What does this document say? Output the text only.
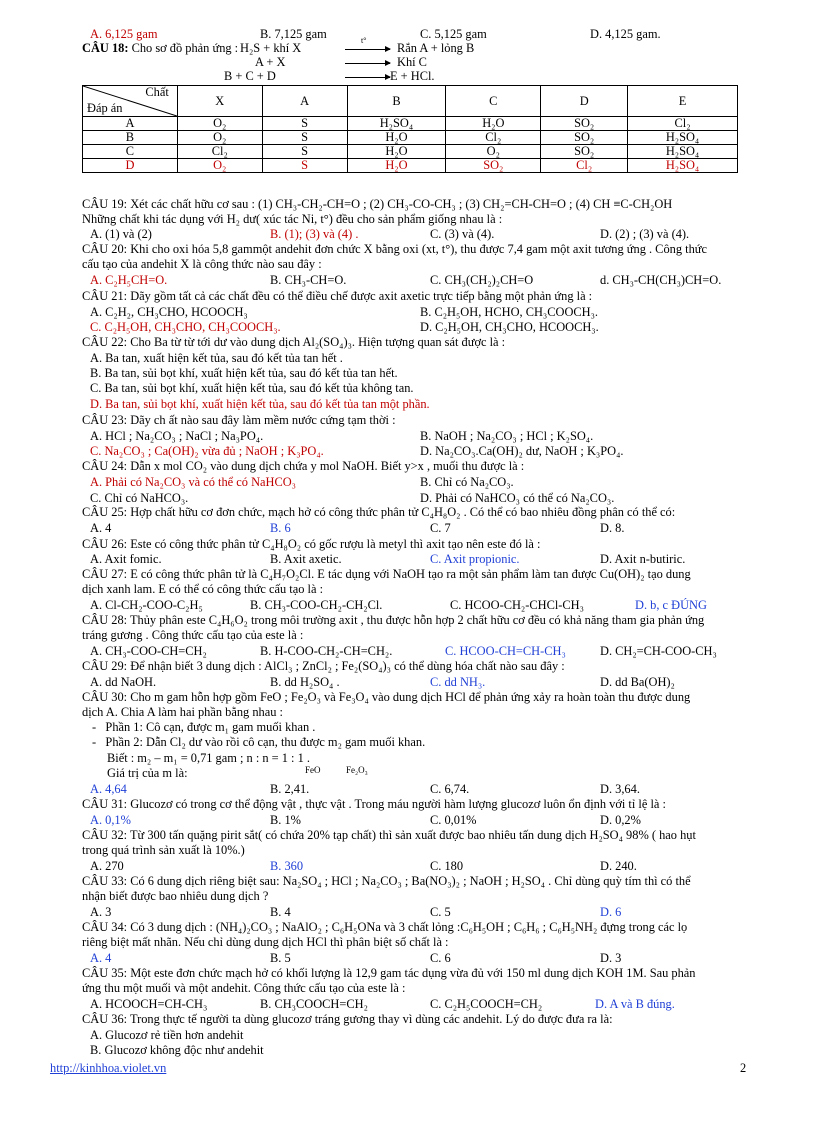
A. 6,125 gam	B. 7,125 gam	C. 5,125 gam	D. 4,125 gam.
CÂU 18: Cho sơ đồ phản ứng : H₂S + khí X
t°
Rắn A + lỏng B
A + X	Khí C
B + C + D	E + HCl.
Chất
Đáp án	X	A	B	C	D	E
A	O₂	S	H₂SO₄	H₂O	SO₂	Cl₂
B	O₂	S	H₂O	Cl₂	SO₂	H₂SO₄
C	Cl₂	S	H₂O	O₂	SO₂	H₂SO₄
D	O₂	S	H₂O	SO₂	Cl₂	H₂SO₄
CÂU 19: Xét các chất hữu cơ sau : (1) CH₃-CH₂-CH=O ; (2) CH₃-CO-CH₃ ; (3) CH₂=CH-CH=O ; (4) CH ≡C-CH₂OH
Những chất khi tác dụng với H₂ dư( xúc tác Ni, t°) đều cho sản phẩm giống nhau là :
A. (1) và (2)	B. (1); (3) và (4) .	C. (3) và (4).	D. (2) ; (3) và (4).
CÂU 20: Khi cho oxi hóa 5,8 gammột andehit đơn chức X bằng oxi (xt, t°), thu được 7,4 gam một axit tương ứng . Công thức
cấu tạo của andehit X là công thức nào sau đây :
A. C₂H₅CH=O.	B. CH₃-CH=O.	C. CH₃(CH₂)₂CH=O	d. CH₃-CH(CH₃)CH=O.
CÂU 21: Dãy gồm tất cả các chất đều có thể điều chế được axit axetic trực tiếp bằng một phản ứng là :
A. C₂H₂, CH₃CHO, HCOOCH₃	B. C₂H₅OH, HCHO, CH₃COOCH₃.
C. C₂H₅OH, CH₃CHO, CH₃COOCH₃.	D. C₂H₅OH, CH₃CHO, HCOOCH₃.
CÂU 22: Cho Ba từ từ tới dư vào dung dịch Al₂(SO₄)₃. Hiện tượng quan sát được là :
A. Ba tan, xuất hiện kết tủa, sau đó kết tủa tan hết .
B. Ba tan, sủi bọt khí, xuất hiện kết tủa, sau đó kết tủa tan hết.
C. Ba tan, sủi bọt khí, xuất hiện kết tủa, sau đó kết tủa không tan.
D. Ba tan, sủi bọt khí, xuất hiện kết tủa, sau đó kết tủa tan một phần.
CÂU 23: Dãy ch ất nào sau đây làm mềm nước cứng tạm thời :
A. HCl ; Na₂CO₃ ; NaCl ; Na₃PO₄.	B. NaOH ; Na₂CO₃ ; HCl ; K₂SO₄.
C. Na₂CO₃ ; Ca(OH)₂ vừa đủ ; NaOH ; K₃PO₄.	D. Na₂CO₃.Ca(OH)₂ dư, NaOH ; K₃PO₄.
CÂU 24: Dẫn x mol CO₂ vào dung dịch chứa y mol NaOH. Biết y>x , muối thu được là :
A. Phải có Na₂CO₃ và có thể có NaHCO₃	B. Chỉ có Na₂CO₃.
C. Chỉ có NaHCO₃.	D. Phải có NaHCO₃ có thể có Na₂CO₃.
CÂU 25: Hợp chất hữu cơ đơn chức, mạch hở có công thức phân tử C₄H₈O₂ . Có thể có bao nhiêu đồng phân có thể có:
A. 4	B. 6	C. 7	D. 8.
CÂU 26: Este có công thức phân tử C₄H₈O₂ có gốc rượu là metyl thì axit tạo nên este đó là :
A. Axit fomic.	B. Axit axetic.	C. Axit propionic.	D. Axit n-butiric.
CÂU 27: E có công thức phân tử là C₄H₇O₂Cl. E tác dụng với NaOH tạo ra một sản phẩm làm tan được Cu(OH)₂ tạo dung
dịch xanh lam. E có thể có công thức cấu tạo là :
A. Cl-CH₂-COO-C₂H₅	B. CH₃-COO-CH₂-CH₂Cl.	C. HCOO-CH₂-CHCl-CH₃	D. b, c ĐÚNG
CÂU 28: Thủy phân este C₄H₆O₂ trong môi trường axit , thu được hỗn hợp 2 chất hữu cơ đều có khả năng tham gia phản ứng
tráng gương . Công thức cấu tạo của este là :
A. CH₃-COO-CH=CH₂	B. H-COO-CH₂-CH=CH₂.	C. HCOO-CH=CH-CH₃	D. CH₂=CH-COO-CH₃
CÂU 29: Để nhận biết 3 dung dịch : AlCl₃ ; ZnCl₂ ; Fe₂(SO₄)₃ có thể dùng hóa chất nào sau đây :
A. dd NaOH.	B. dd H₂SO₄ .	C. dd NH₃.	D. dd Ba(OH)₂
CÂU 30: Cho m gam hỗn hợp gồm FeO ; Fe₂O₃ và Fe₃O₄ vào dung dịch HCl để phản ứng xảy ra hoàn toàn thu được dung
dịch A. Chia A làm hai phần bằng nhau :
-   Phần 1: Cô cạn, được m₁ gam muối khan .
-   Phần 2: Dẫn Cl₂ dư vào rồi cô cạn, thu được m₂ gam muối khan.
Biết : m₂ – m₁ = 0,71 gam ; n : n = 1 : 1 .
FeO	Fe₂O₃
Giá trị của m là:
A. 4,64	B. 2,41.	C. 6,74.	D. 3,64.
CÂU 31: Glucozơ có trong cơ thể động vật , thực vật . Trong máu người hàm lượng glucozơ luôn ổn định với tỉ lệ là :
A. 0,1%	B. 1%	C. 0,01%	D. 0,2%
CÂU 32: Từ 300 tấn quặng pirit sắt( có chứa 20% tạp chất) thì sản xuất được bao nhiêu tấn dung dịch H₂SO₄ 98% ( hao hụt
trong quá trình sản xuất là 10%.)
A. 270	B. 360	C. 180	D. 240.
CÂU 33: Có 6 dung dịch riêng biệt sau: Na₂SO₄ ; HCl ; Na₂CO₃ ; Ba(NO₃)₂ ; NaOH ; H₂SO₄ . Chỉ dùng quỳ tím thì có thể
nhận biết được bao nhiêu dung dịch ?
A. 3	B. 4	C. 5	D. 6
CÂU 34: Có 3 dung dịch : (NH₄)₂CO₃ ; NaAlO₂ ; C₆H₅ONa và 3 chất lỏng :C₆H₅OH ; C₆H₆ ; C₆H₅NH₂ đựng trong các lọ
riêng biệt mất nhãn. Nếu chỉ dùng dung dịch HCl thì phân biệt số chất là :
A. 4	B. 5	C. 6	D. 3
CÂU 35: Một este đơn chức mạch hở có khối lượng là 12,9 gam tác dụng vừa đủ với 150 ml dung dịch KOH 1M. Sau phản
ứng thu một muối và một andehit. Công thức cấu tạo của este là :
A. HCOOCH=CH-CH₃	B. CH₃COOCH=CH₂	C. C₂H₅COOCH=CH₂	D. A và B đúng.
CÂU 36: Trong thực tế người ta dùng glucozơ tráng gương thay vì dùng các andehit. Lý do được đưa ra là:
A. Glucozơ rẻ tiền hơn andehit
B. Glucozơ không độc như andehit
http://kinhhoa.violet.vn	2
